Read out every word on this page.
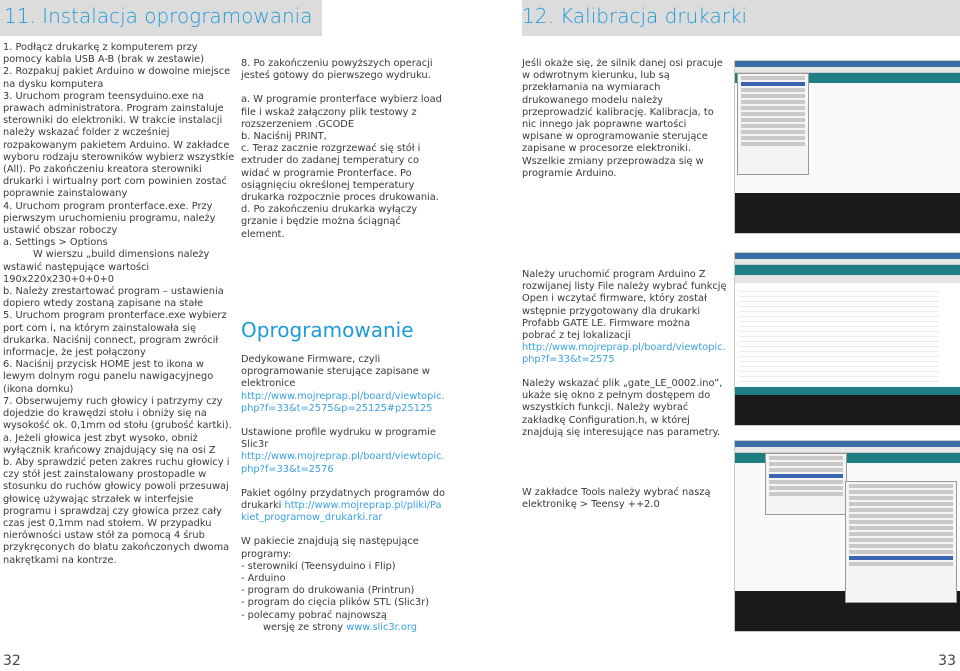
11. Instalacja oprogramowania	12. Kalibracja drukarki

1. Podłącz drukarkę z komputerem przy pomocy kabla USB A-B (brak w zestawie)

2. Rozpakuj pakiet Arduino w dowolne miejsce na dysku komputera

3. Uruchom program teensyduino.exe na prawach administratora. Program zainstaluje sterowniki do elektroniki. W trakcie instalacji należy wskazać folder z wcześniej rozpakowanym pakietem Arduino. W zakładce wyboru rodzaju sterowników wybierz wszystkie (All). Po zakończeniu kreatora sterowniki drukarki i wirtualny port com powinien zostać poprawnie zainstalowany

4. Uruchom program pronterface.exe. Przy pierwszym uruchomieniu programu, należy ustawić obszar roboczy

a. Settings > Options

W wierszu „build dimensions należy wstawić następujące wartości 190x220x230+0+0+0

b. Należy zrestartować program – ustawienia dopiero wtedy zostaną zapisane na stałe

5. Uruchom program pronterface.exe wybierz port com i, na którym zainstalowała się drukarka. Naciśnij connect, program zwrócił informacje, że jest połączony

6. Naciśnij przycisk HOME jest to ikona w lewym dolnym rogu panelu nawigacyjnego (ikona domku)

7. Obserwujemy ruch głowicy i patrzymy czy dojedzie do krawędzi stołu i obniży się na wysokość ok. 0,1mm od stołu (grubość kartki).

a. Jeżeli głowica jest zbyt wysoko, obniż wyłącznik krańcowy znajdujący się na osi Z

b. Aby sprawdzić peten zakres ruchu głowicy i czy stół jest zainstalowany prostopadle w stosunku do ruchów głowicy powoli przesuwaj głowicę używając strzałek w interfejsie programu i sprawdzaj czy głowica przez cały czas jest 0,1mm nad stołem. W przypadku nierówności ustaw stół za pomocą 4 śrub przykręconych do blatu zakończonych dwoma nakrętkami na kontrze.

8. Po zakończeniu powyższych operacji jesteś gotowy do pierwszego wydruku.

a. W programie pronterface wybierz load file i wskaż załączony plik testowy z rozszerzeniem .GCODE

b. Naciśnij PRINT,

c. Teraz zacznie rozgrzewać się stół i extruder do zadanej temperatury co widać w programie Pronterface. Po osiągnięciu określonej temperatury drukarka rozpocznie proces drukowania.

d. Po zakończeniu drukarka wyłączy grzanie i będzie można ściągnąć element.

Oprogramowanie

Dedykowane Firmware, czyli oprogramowanie sterujące zapisane w elektronice

http://www.mojreprap.pl/board/viewtopic.php?f=33&t=2575&p=25125#p25125

Ustawione profile wydruku w programie Slic3r

http://www.mojreprap.pl/board/viewtopic.php?f=33&t=2576

Pakiet ogólny przydatnych programów do drukarki http://www.mojreprap.pl/pliki/Pakiet_programow_drukarki.rar

W pakiecie znajdują się następujące programy:

- sterowniki (Teensyduino i Flip)

- Arduino

- program do drukowania (Printrun)

- program do cięcia plików STL (Slic3r)

- polecamy pobrać najnowszą

wersję ze strony www.slic3r.org

Jeśli okaże się, że silnik danej osi pracuje w odwrotnym kierunku, lub są przekłamania na wymiarach drukowanego modelu należy przeprowadzić kalibrację. Kalibracja, to nic innego jak poprawne wartości wpisane w oprogramowanie sterujące zapisane w procesorze elektroniki. Wszelkie zmiany przeprowadza się w programie Arduino.

Należy uruchomić program Arduino Z rozwijanej listy File należy wybrać funkcję Open i wczytać firmware, który został wstępnie przygotowany dla drukarki Profabb GATE LE. Firmware można pobrać z tej lokalizacji

http://www.mojreprap.pl/board/viewtopic.php?f=33&t=2575

Należy wskazać plik „gate_LE_0002.ino”, ukaże się okno z pełnym dostępem do wszystkich funkcji. Należy wybrać zakładkę Configuration.h, w której znajdują się interesujące nas parametry.

W zakładce Tools należy wybrać naszą elektronikę > Teensy ++2.0

32	33
